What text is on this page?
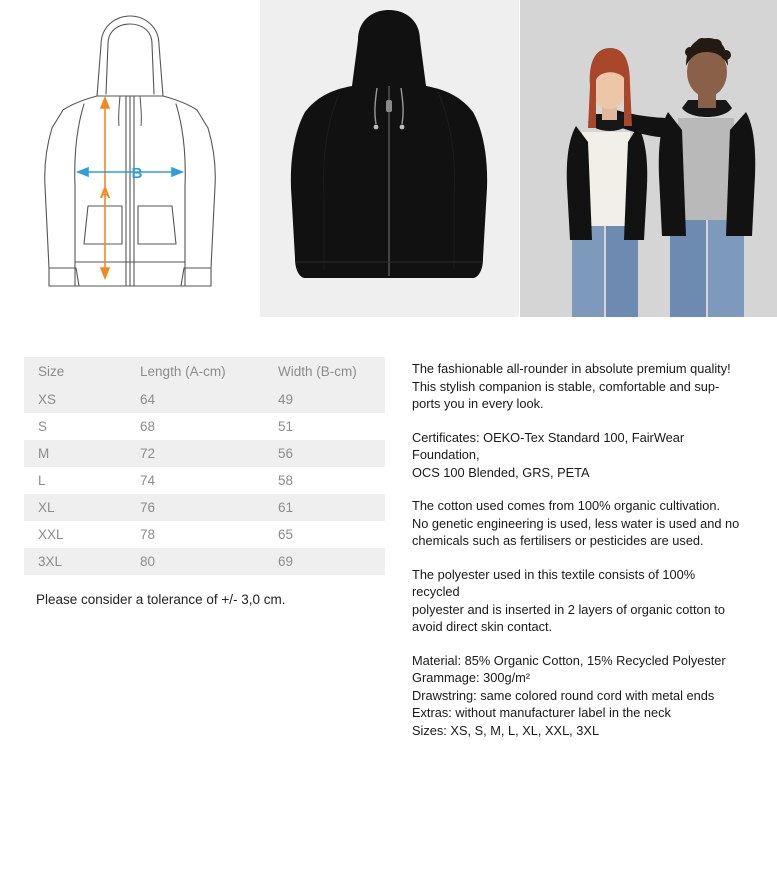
A
B
Size	Length (A-cm)	Width (B-cm)
XS	64	49
S	68	51
M	72	56
L	74	58
XL	76	61
XXL	78	65
3XL	80	69
Please consider a tolerance of +/- 3,0 cm.

The fashionable all-rounder in absolute premium quality!
This stylish companion is stable, comfortable and sup-
ports you in every look.

Certificates: OEKO-Tex Standard 100, FairWear Foundation,
OCS 100 Blended, GRS, PETA

The cotton used comes from 100% organic cultivation.
No genetic engineering is used, less water is used and no
chemicals such as fertilisers or pesticides are used.

The polyester used in this textile consists of 100% recycled
polyester and is inserted in 2 layers of organic cotton to
avoid direct skin contact.

Material: 85% Organic Cotton, 15% Recycled Polyester
Grammage: 300g/m²
Drawstring: same colored round cord with metal ends
Extras: without manufacturer label in the neck
Sizes: XS, S, M, L, XL, XXL, 3XL
